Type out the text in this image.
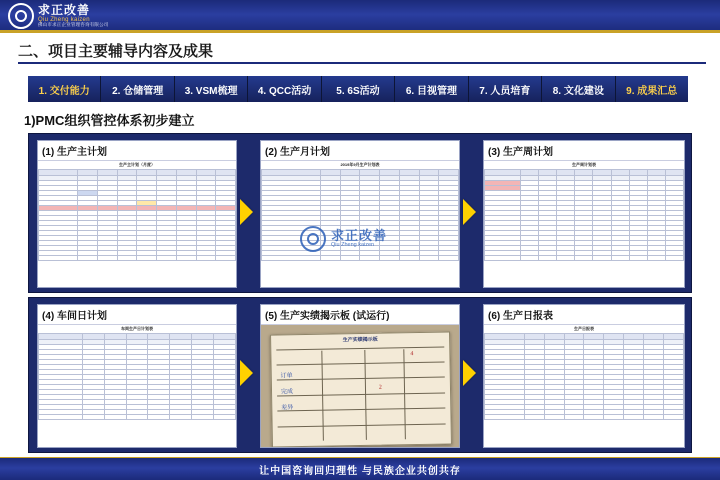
求正改善
Qiu Zheng kaizen
佛山市求正企业管理咨询有限公司
二、项目主要辅导内容及成果
1. 交付能力	2. 仓储管理	3. VSM梳理	4. QCC活动	5. 6S活动	6. 目视管理	7. 人员培育	8. 文化建设	9. 成果汇总
1)PMC组织管控体系初步建立
(1) 生产主计划
生产主计划（月度）

(2) 生产月计划
2019年9月生产计划表

(3) 生产周计划
生产周计划表

求正改善
Qiu Zheng kaizen
(4) 车间日计划
车间生产日计划表

(5) 生产实绩揭示板 (试运行)
生产实绩揭示板
订单
完成
差异
2
4
(6) 生产日报表
生产日报表

让中国咨询回归理性 与民族企业共创共存
